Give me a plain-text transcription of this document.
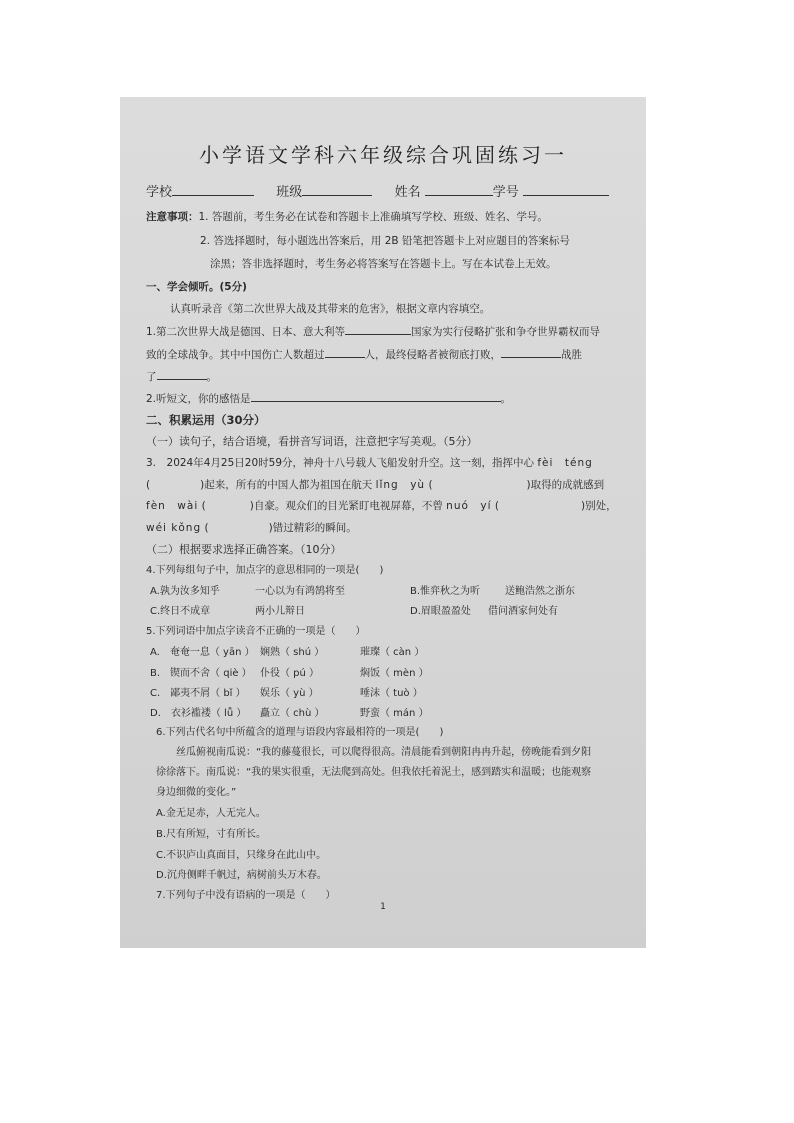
小学语文学科六年级综合巩固练习一
学校	班级	姓名	学号
注意事项：1. 答题前，考生务必在试卷和答题卡上准确填写学校、班级、姓名、学号。
2. 答选择题时，每小题选出答案后，用 2B 铅笔把答题卡上对应题目的答案标号
涂黑；答非选择题时，考生务必将答案写在答题卡上。写在本试卷上无效。
一、学会倾听。(5分)
认真听录音《第二次世界大战及其带来的危害》，根据文章内容填空。
1.第二次世界大战是德国、日本、意大利等	国家为实行侵略扩张和争夺世界霸权而导
致的全球战争。其中中国伤亡人数超过	人，最终侵略者被彻底打败，	战胜
了	。
2.听短文，你的感悟是	。
二、积累运用（30分）
（一）读句子，结合语境，看拼音写词语，注意把字写美观。（5分）
3.　2024年4月25日20时59分，神舟十八号载人飞船发射升空。这一刻，指挥中心 fèi　téng
(	)起来，所有的中国人都为祖国在航天 lǐng　yù (	)取得的成就感到
fèn　wài (	)自豪。观众们的目光紧盯电视屏幕，不曾 nuó　yí (	)别处，
wéi kǒng (	)错过精彩的瞬间。
（二）根据要求选择正确答案。（10分）
4.下列每组句子中，加点字的意思相同的一项是(　　)
A.孰为汝多知乎	一心以为有鸿鹄将至	B.惟弈秋之为听 送鲍浩然之浙东
C.终日不成章	两小儿辩日	D.眉眼盈盈处 借问酒家何处有
5.下列词语中加点字读音不正确的一项是（　　）
A.　奄奄一息（ yān ） 娴熟（ shú ）	璀璨（ càn ）
B.　锲而不舍（ qiè ） 仆役（ pú ）	焖饭（ mèn ）
C.　鄙夷不屑（ bǐ ） 娱乐（ yù ）	唾沫（ tuò ）
D.　衣衫褴褛（ lǚ ） 矗立（ chù ）	野蛮（ mán ）
6.下列古代名句中所蕴含的道理与语段内容最相符的一项是(　　)
丝瓜俯视南瓜说：“我的藤蔓很长，可以爬得很高。清晨能看到朝阳冉冉升起，傍晚能看到夕阳
徐徐落下。南瓜说：“我的果实很重，无法爬到高处。但我依托着泥土，感到踏实和温暖；也能观察
身边细微的变化。”
A.金无足赤，人无完人。
B.尺有所短，寸有所长。
C.不识庐山真面目，只缘身在此山中。
D.沉舟侧畔千帆过，病树前头万木春。
7.下列句子中没有语病的一项是（　　）
1
